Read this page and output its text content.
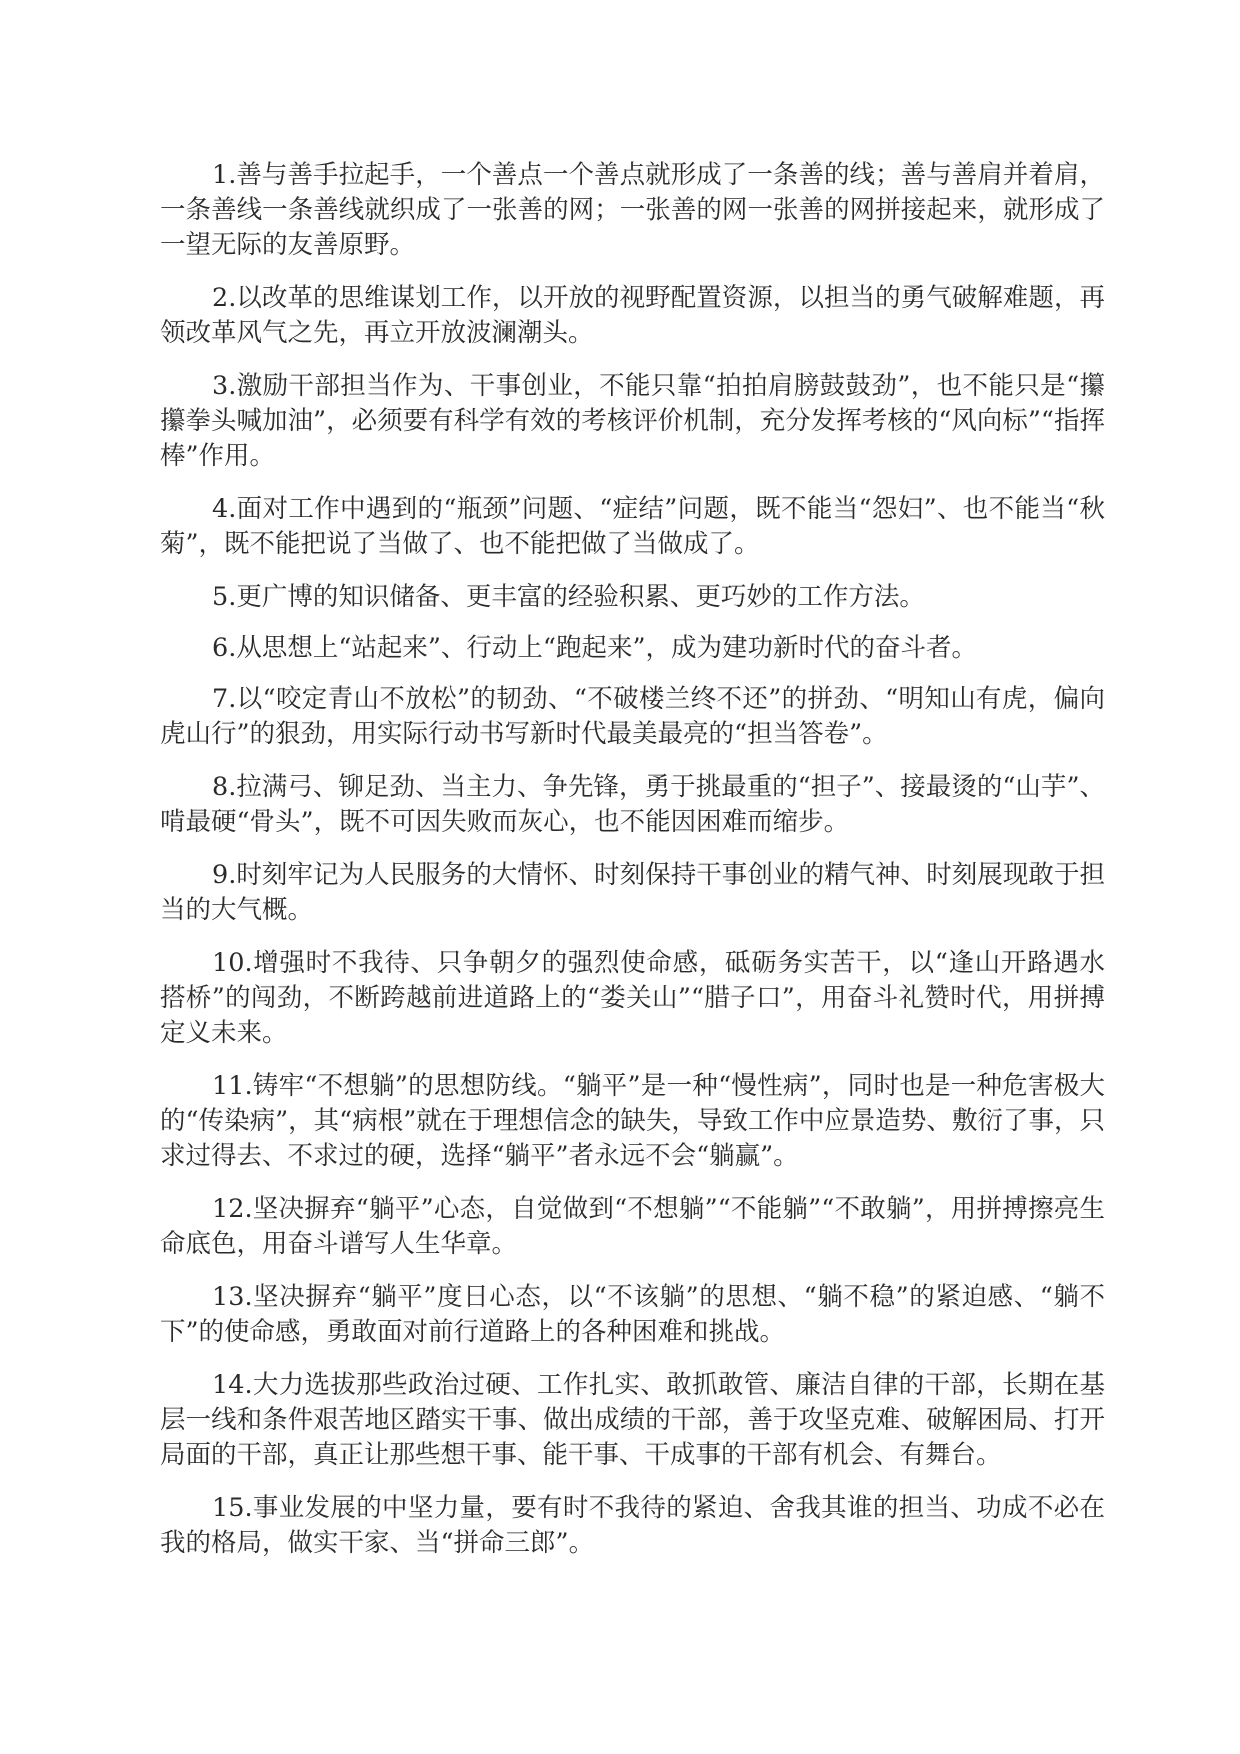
1.善与善手拉起手，一个善点一个善点就形成了一条善的线；善与善肩并着肩，一条善线一条善线就织成了一张善的网；一张善的网一张善的网拼接起来，就形成了一望无际的友善原野。

2.以改革的思维谋划工作，以开放的视野配置资源，以担当的勇气破解难题，再领改革风气之先，再立开放波澜潮头。

3.激励干部担当作为、干事创业，不能只靠“拍拍肩膀鼓鼓劲”，也不能只是“攥攥拳头喊加油”，必须要有科学有效的考核评价机制，充分发挥考核的“风向标”“指挥棒”作用。

4.面对工作中遇到的“瓶颈”问题、“症结”问题，既不能当“怨妇”、也不能当“秋菊”，既不能把说了当做了、也不能把做了当做成了。

5.更广博的知识储备、更丰富的经验积累、更巧妙的工作方法。

6.从思想上“站起来”、行动上“跑起来”，成为建功新时代的奋斗者。

7.以“咬定青山不放松”的韧劲、“不破楼兰终不还”的拼劲、“明知山有虎，偏向虎山行”的狠劲，用实际行动书写新时代最美最亮的“担当答卷”。

8.拉满弓、铆足劲、当主力、争先锋，勇于挑最重的“担子”、接最烫的“山芋”、啃最硬“骨头”，既不可因失败而灰心，也不能因困难而缩步。

9.时刻牢记为人民服务的大情怀、时刻保持干事创业的精气神、时刻展现敢于担当的大气概。

10.增强时不我待、只争朝夕的强烈使命感，砥砺务实苦干，以“逢山开路遇水搭桥”的闯劲，不断跨越前进道路上的“娄关山”“腊子口”，用奋斗礼赞时代，用拼搏定义未来。

11.铸牢“不想躺”的思想防线。“躺平”是一种“慢性病”，同时也是一种危害极大的“传染病”，其“病根”就在于理想信念的缺失，导致工作中应景造势、敷衍了事，只求过得去、不求过的硬，选择“躺平”者永远不会“躺赢”。

12.坚决摒弃“躺平”心态，自觉做到“不想躺”“不能躺”“不敢躺”，用拼搏擦亮生命底色，用奋斗谱写人生华章。

13.坚决摒弃“躺平”度日心态，以“不该躺”的思想、“躺不稳”的紧迫感、“躺不下”的使命感，勇敢面对前行道路上的各种困难和挑战。

14.大力选拔那些政治过硬、工作扎实、敢抓敢管、廉洁自律的干部，长期在基层一线和条件艰苦地区踏实干事、做出成绩的干部，善于攻坚克难、破解困局、打开局面的干部，真正让那些想干事、能干事、干成事的干部有机会、有舞台。

15.事业发展的中坚力量，要有时不我待的紧迫、舍我其谁的担当、功成不必在我的格局，做实干家、当“拼命三郎”。
